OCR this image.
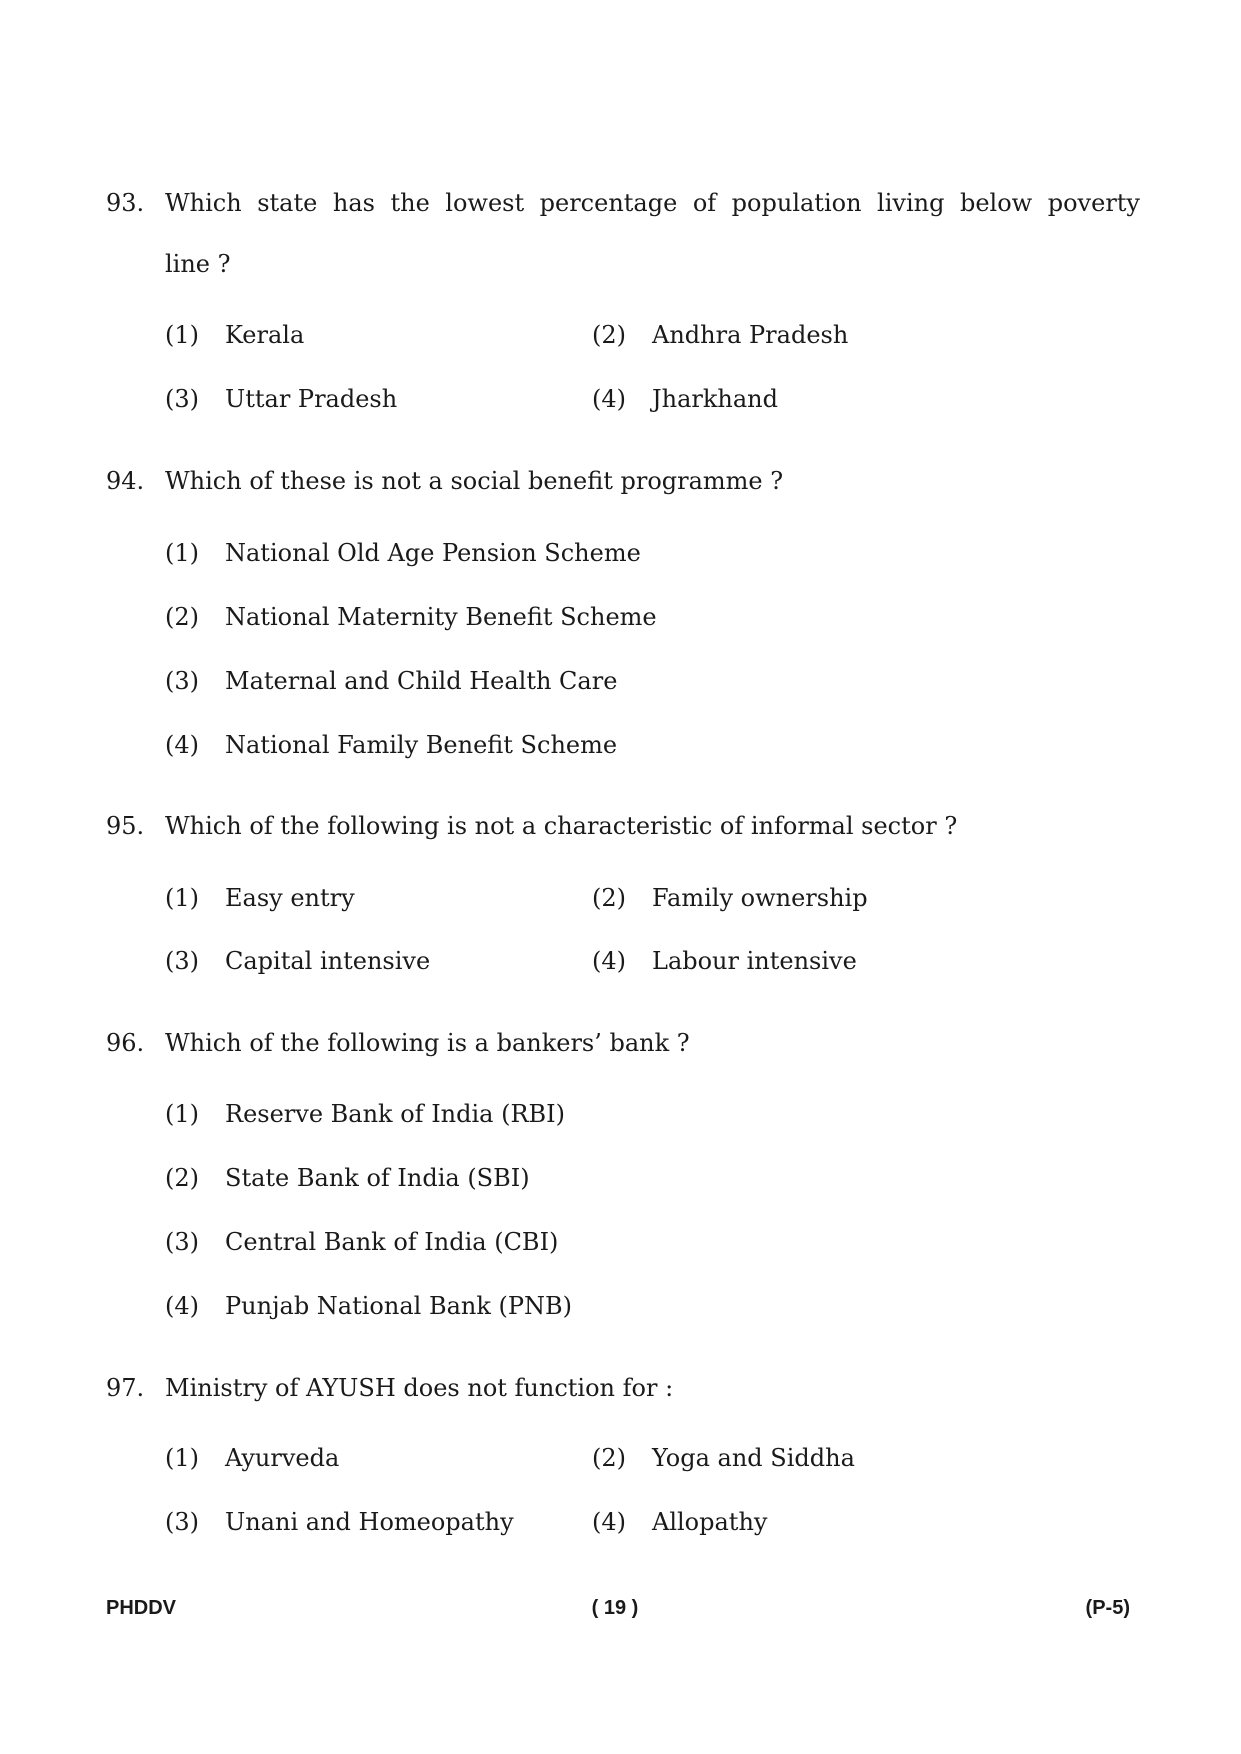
93. Which state has the lowest percentage of population living below poverty
line ?
(1) Kerala	(2) Andhra Pradesh
(3) Uttar Pradesh	(4) Jharkhand
94. Which of these is not a social benefit programme ?
(1) National Old Age Pension Scheme
(2) National Maternity Benefit Scheme
(3) Maternal and Child Health Care
(4) National Family Benefit Scheme
95. Which of the following is not a characteristic of informal sector ?
(1) Easy entry	(2) Family ownership
(3) Capital intensive	(4) Labour intensive
96. Which of the following is a bankers’ bank ?
(1) Reserve Bank of India (RBI)
(2) State Bank of India (SBI)
(3) Central Bank of India (CBI)
(4) Punjab National Bank (PNB)
97. Ministry of AYUSH does not function for :
(1) Ayurveda	(2) Yoga and Siddha
(3) Unani and Homeopathy	(4) Allopathy
PHDDV	( 19 )	(P-5)
